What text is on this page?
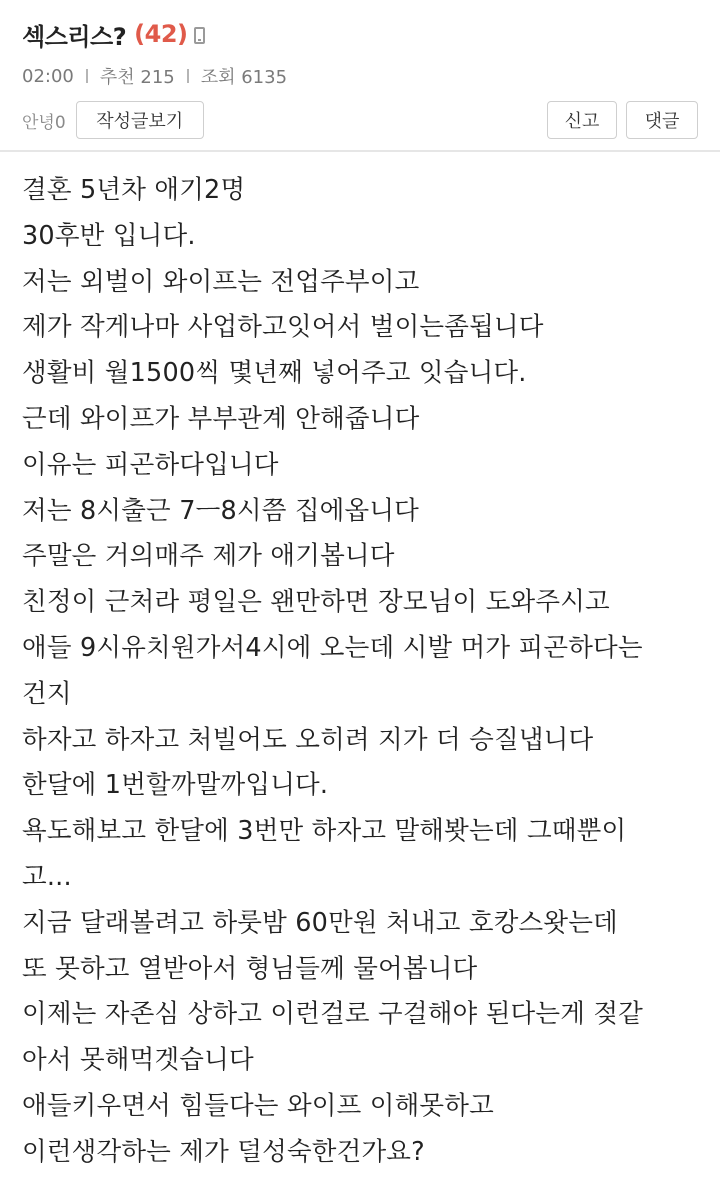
섹스리스? (42)
02:00 추천 215 조회 6135
안녕0	작성글보기	신고	댓글
결혼 5년차 애기2명
30후반 입니다.
저는 외벌이 와이프는 전업주부이고
제가 작게나마 사업하고잇어서 벌이는좀됩니다
생활비 월1500씩 몇년째 넣어주고 잇습니다.
근데 와이프가 부부관계 안해줍니다
이유는 피곤하다입니다
저는 8시출근 7ㅡ8시쯤 집에옵니다
주말은 거의매주 제가 애기봅니다
친정이 근처라 평일은 왠만하면 장모님이 도와주시고
애들 9시유치원가서4시에 오는데 시발 머가 피곤하다는
건지
하자고 하자고 처빌어도 오히려 지가 더 승질냅니다
한달에 1번할까말까입니다.
욕도해보고 한달에 3번만 하자고 말해봣는데 그때뿐이
고...
지금 달래볼려고 하룻밤 60만원 처내고 호캉스왓는데
또 못하고 열받아서 형님들께 물어봅니다
이제는 자존심 상하고 이런걸로 구걸해야 된다는게 젖같
아서 못해먹겟습니다
애들키우면서 힘들다는 와이프 이해못하고
이런생각하는 제가 덜성숙한건가요?
